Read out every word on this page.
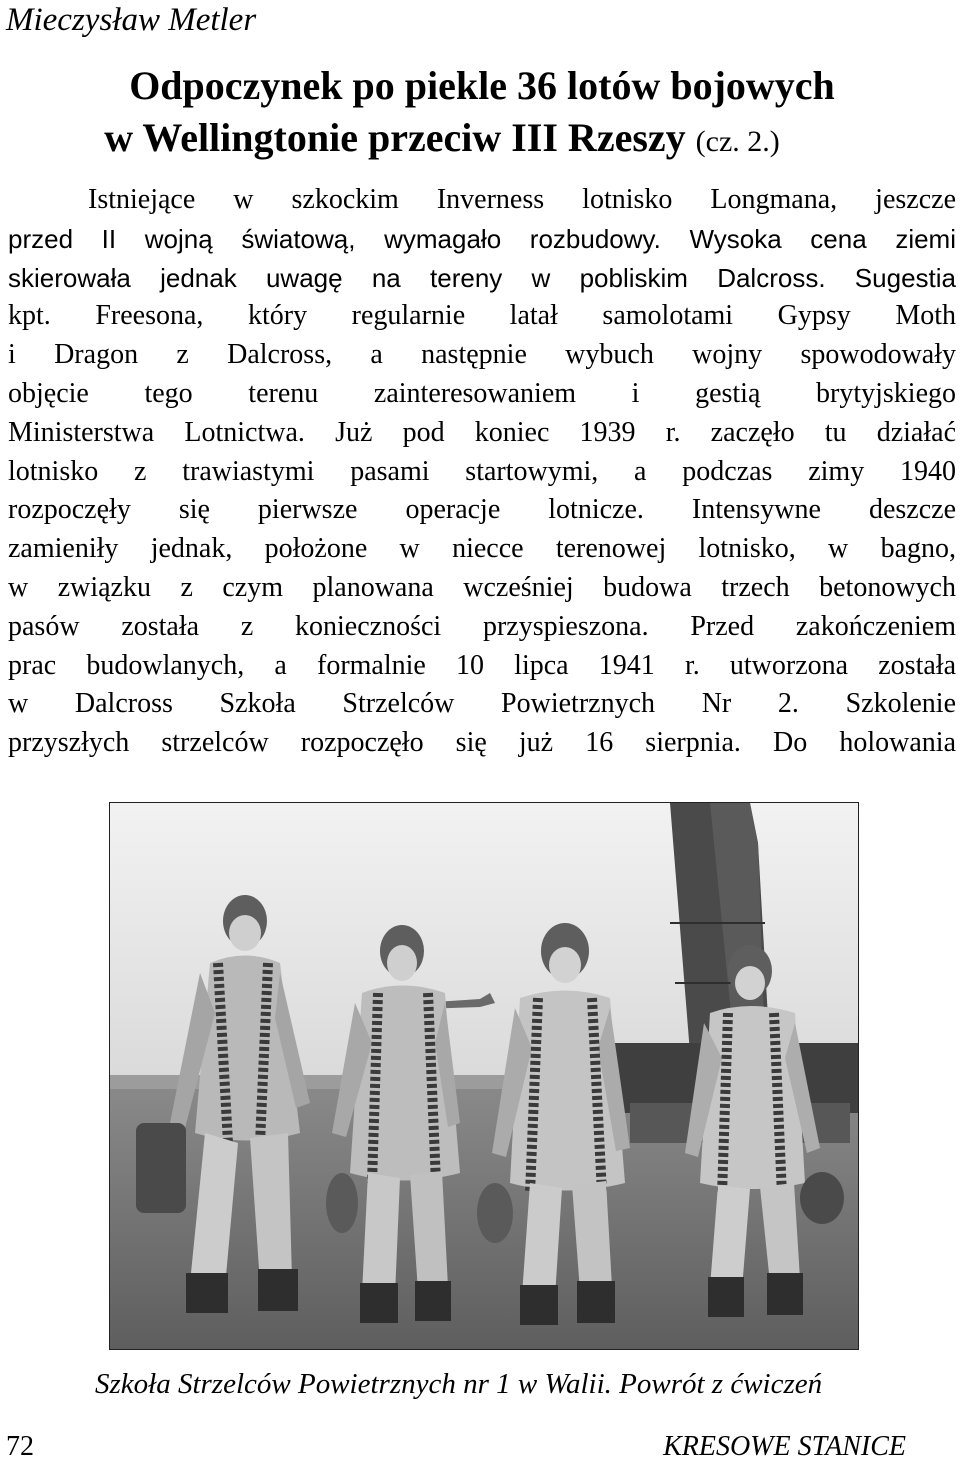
Mieczysław Metler
Odpoczynek po piekle 36 lotów bojowych
w Wellingtonie przeciw III Rzeszy (cz. 2.)
Istniejące w szkockim Inverness lotnisko Longmana, jeszcze
przed II wojną światową, wymagało rozbudowy. Wysoka cena ziemi
skierowała jednak uwagę na tereny w pobliskim Dalcross. Sugestia
kpt. Freesona, który regularnie latał samolotami Gypsy Moth
i Dragon z Dalcross, a następnie wybuch wojny spowodowały
objęcie tego terenu zainteresowaniem i gestią brytyjskiego
Ministerstwa Lotnictwa. Już pod koniec 1939 r. zaczęło tu działać
lotnisko z trawiastymi pasami startowymi, a podczas zimy 1940
rozpoczęły się pierwsze operacje lotnicze. Intensywne deszcze
zamieniły jednak, położone w niecce terenowej lotnisko, w bagno,
w związku z czym planowana wcześniej budowa trzech betonowych
pasów została z konieczności przyspieszona. Przed zakończeniem
prac budowlanych, a formalnie 10 lipca 1941 r. utworzona została
w Dalcross Szkoła Strzelców Powietrznych Nr 2. Szkolenie
przyszłych strzelców rozpoczęło się już 16 sierpnia. Do holowania
Szkoła Strzelców Powietrznych nr 1 w Walii. Powrót z ćwiczeń
72	KRESOWE STANICE
